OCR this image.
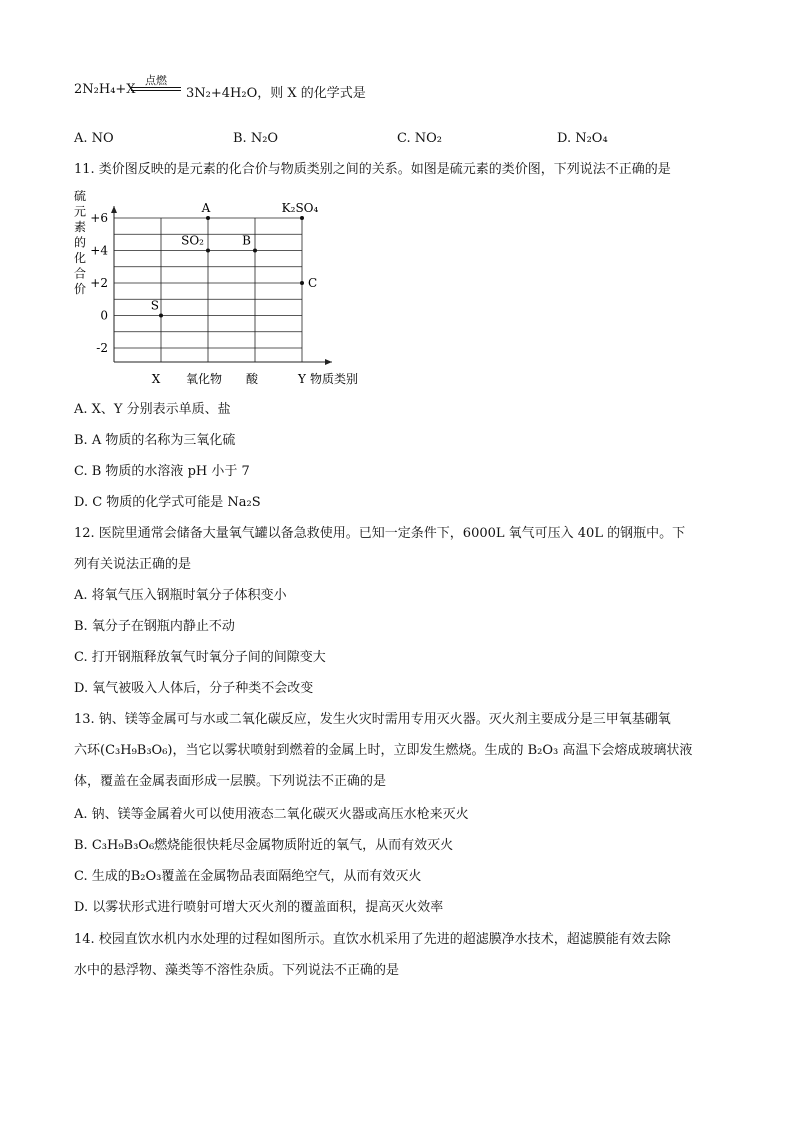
2N₂H₄+X
点燃
3N₂+4H₂O，则 X 的化学式是
A. NO	B. N₂O	C. NO₂	D. N₂O₄
11. 类价图反映的是元素的化合价与物质类别之间的关系。如图是硫元素的类价图，下列说法不正确的是
硫
元
素
的
化
合
价
+6
+4
+2
0
-2
X 氧化物 酸	Y
S
SO₂
A
B
K₂SO₄
C
物质类别
A. X、Y 分别表示单质、盐
B. A 物质的名称为三氧化硫
C. B 物质的水溶液 pH 小于 7
D. C 物质的化学式可能是 Na₂S
12. 医院里通常会储备大量氧气罐以备急救使用。已知一定条件下，6000L 氧气可压入 40L 的钢瓶中。下
列有关说法正确的是
A. 将氧气压入钢瓶时氧分子体积变小
B. 氧分子在钢瓶内静止不动
C. 打开钢瓶释放氧气时氧分子间的间隙变大
D. 氧气被吸入人体后，分子种类不会改变
13. 钠、镁等金属可与水或二氧化碳反应，发生火灾时需用专用灭火器。灭火剂主要成分是三甲氧基硼氧
六环(C₃H₉B₃O₆)，当它以雾状喷射到燃着的金属上时，立即发生燃烧。生成的 B₂O₃ 高温下会熔成玻璃状液
体，覆盖在金属表面形成一层膜。下列说法不正确的是
A. 钠、镁等金属着火可以使用液态二氧化碳灭火器或高压水枪来灭火
B. C₃H₉B₃O₆燃烧能很快耗尽金属物质附近的氧气，从而有效灭火
C. 生成的B₂O₃覆盖在金属物品表面隔绝空气，从而有效灭火
D. 以雾状形式进行喷射可增大灭火剂的覆盖面积，提高灭火效率
14. 校园直饮水机内水处理的过程如图所示。直饮水机采用了先进的超滤膜净水技术，超滤膜能有效去除
水中的悬浮物、藻类等不溶性杂质。下列说法不正确的是
